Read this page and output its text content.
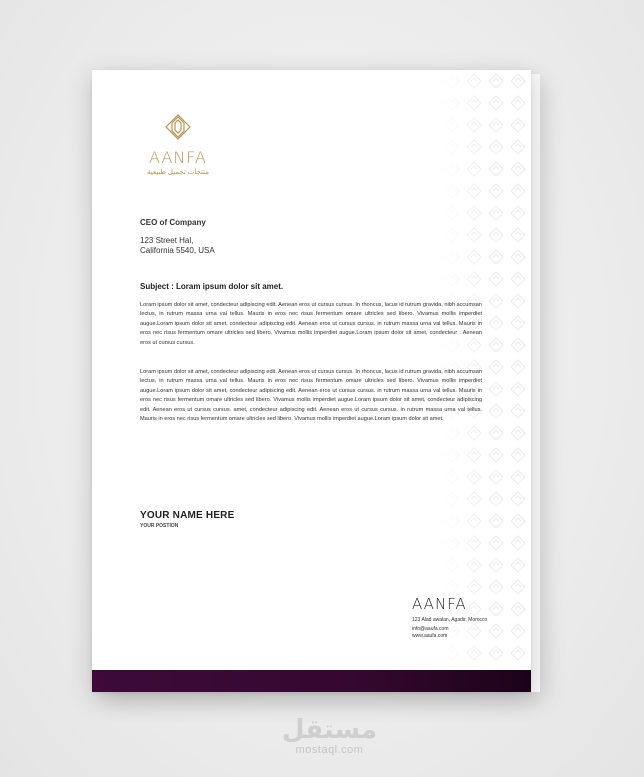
AANFA
منتجات تجميل طبيعية
CEO of Company
123 Street Hal,
California 5540, USA
Subject : Loram ipsum dolor sit amet.
Loram ipsum dolor sit amet, condecteur adipiscing edit. Aenean eros ut cursus cursus. In rhoncus, lacus id rutrum gravida, nibh accumsan lectus, in rutrum massa urna val tellus. Mauris in eros nec risus fermentum omare ultricles sed libero. Vivamus mollis imperdiet augue.Loram ipsum dolor sit amet, condecteur adipiscing edit. Aenean eros ut cursus cursus. in rutrum massa urna val tellus. Mauris in eros nec risus fermentum omare ultricles sed libero. Vivamus mollis imperdiet augue.Loram ipsum dolor sit amet, condecteur . Aenean eros ut cursus cursus.
Loram ipsum dolor sit amet, condecteur adipiscing edit. Aenean eros ut cursus cursus. In rhoncus, lacus id rutrum gravida, nibh accumsan lectus, in rutrum massa urna val tellus. Mauris in eros nec risus fermentum omare ultricles sed libero. Vivamus mollis imperdiet augue.Loram ipsum dolor sit amet, condecteur adipiscing edit. Aenean eros ut cursus cursus. in rutrum massa urna val tellus. Mauris in eros nec risus fermentum omare ultricles sed libero. Vivamus mollis imperdiet augue.Loram ipsum dolor sit amet, condecteur adipiscing edit. Aenean eros ut cursus cursus. amet, condecteur adipiscing edit. Aenean eros ut cursus cursus. in rutrum massa urna val tellus. Mauris in eros nec risus fermentum omare ultricles sed libero. Vivamus mollis imperdiet augue.Loram ipsum dolor sit amet.
YOUR NAME HERE
YOUR POSTION
AANFA
123 Alad awalan, Agadir, Morocco
info@aaufa.com
www.aaufa.com
مستقل
mostaql.com
